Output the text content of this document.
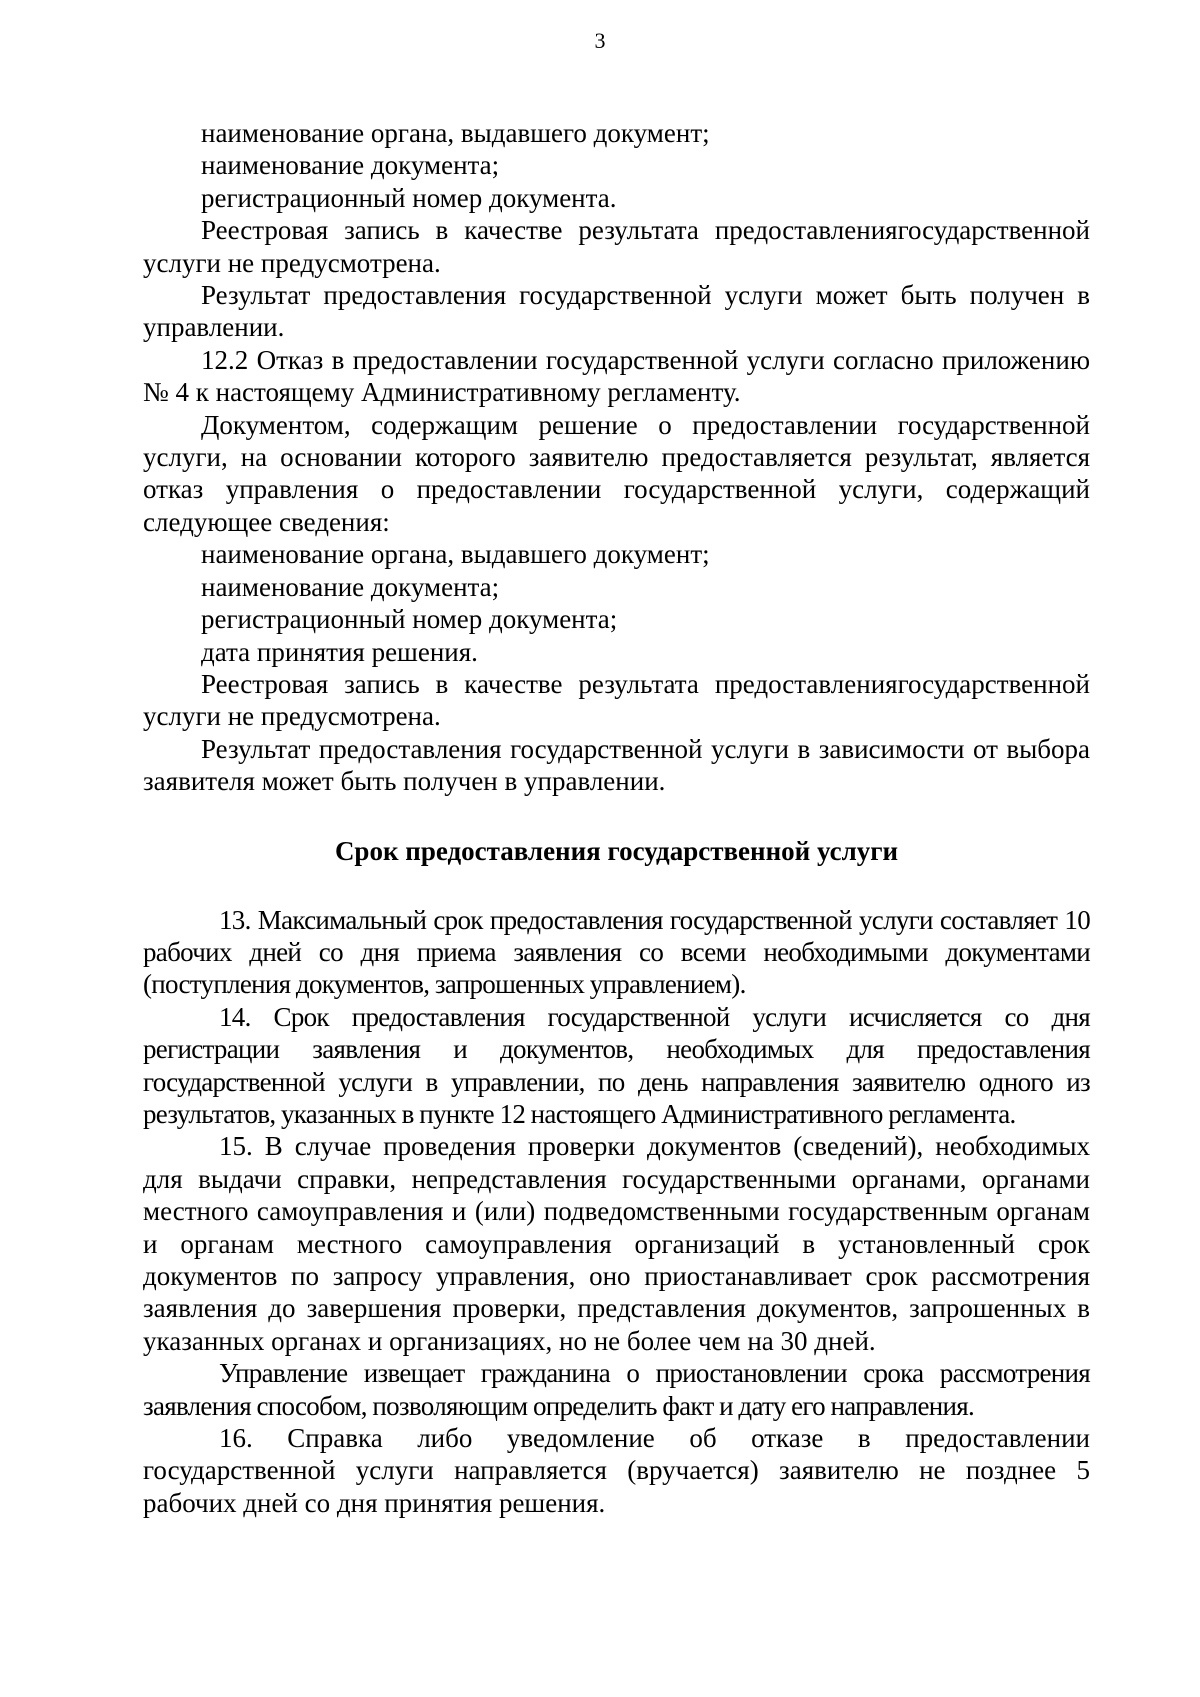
3
наименование органа, выдавшего документ;
наименование документа;
регистрационный номер документа.

Реестровая запись в качестве результата предоставлениягосударственной услуги не предусмотрена.

Результат предоставления государственной услуги может быть получен в управлении.

12.2 Отказ в предоставлении государственной услуги согласно приложению № 4 к настоящему Административному регламенту.

Документом, содержащим решение о предоставлении государственной услуги, на основании которого заявителю предоставляется результат, является отказ управления о предоставлении государственной услуги, содержащий следующее сведения:

наименование органа, выдавшего документ;
наименование документа;
регистрационный номер документа;
дата принятия решения.

Реестровая запись в качестве результата предоставлениягосударственной услуги не предусмотрена.

Результат предоставления государственной услуги в зависимости от выбора заявителя может быть получен в управлении.

Срок предоставления государственной услуги

13. Максимальный срок предоставления государственной услуги составляет 10 рабочих дней со дня приема заявления со всеми необходимыми документами (поступления документов, запрошенных управлением).

14. Срок предоставления государственной услуги исчисляется со дня регистрации заявления и документов, необходимых для предоставления государственной услуги в управлении, по день направления заявителю одного из результатов, указанных в пункте 12 настоящего Административного регламента.

15. В случае проведения проверки документов (сведений), необходимых для выдачи справки, непредставления государственными органами, органами местного самоуправления и (или) подведомственными государственным органам и органам местного самоуправления организаций в установленный срок документов по запросу управления, оно приостанавливает срок рассмотрения заявления до завершения проверки, представления документов, запрошенных в указанных органах и организациях, но не более чем на 30 дней.

Управление извещает гражданина о приостановлении срока рассмотрения заявления способом, позволяющим определить факт и дату его направления.

16. Справка либо уведомление об отказе в предоставлении государственной услуги направляется (вручается) заявителю не позднее 5 рабочих дней со дня принятия решения.
